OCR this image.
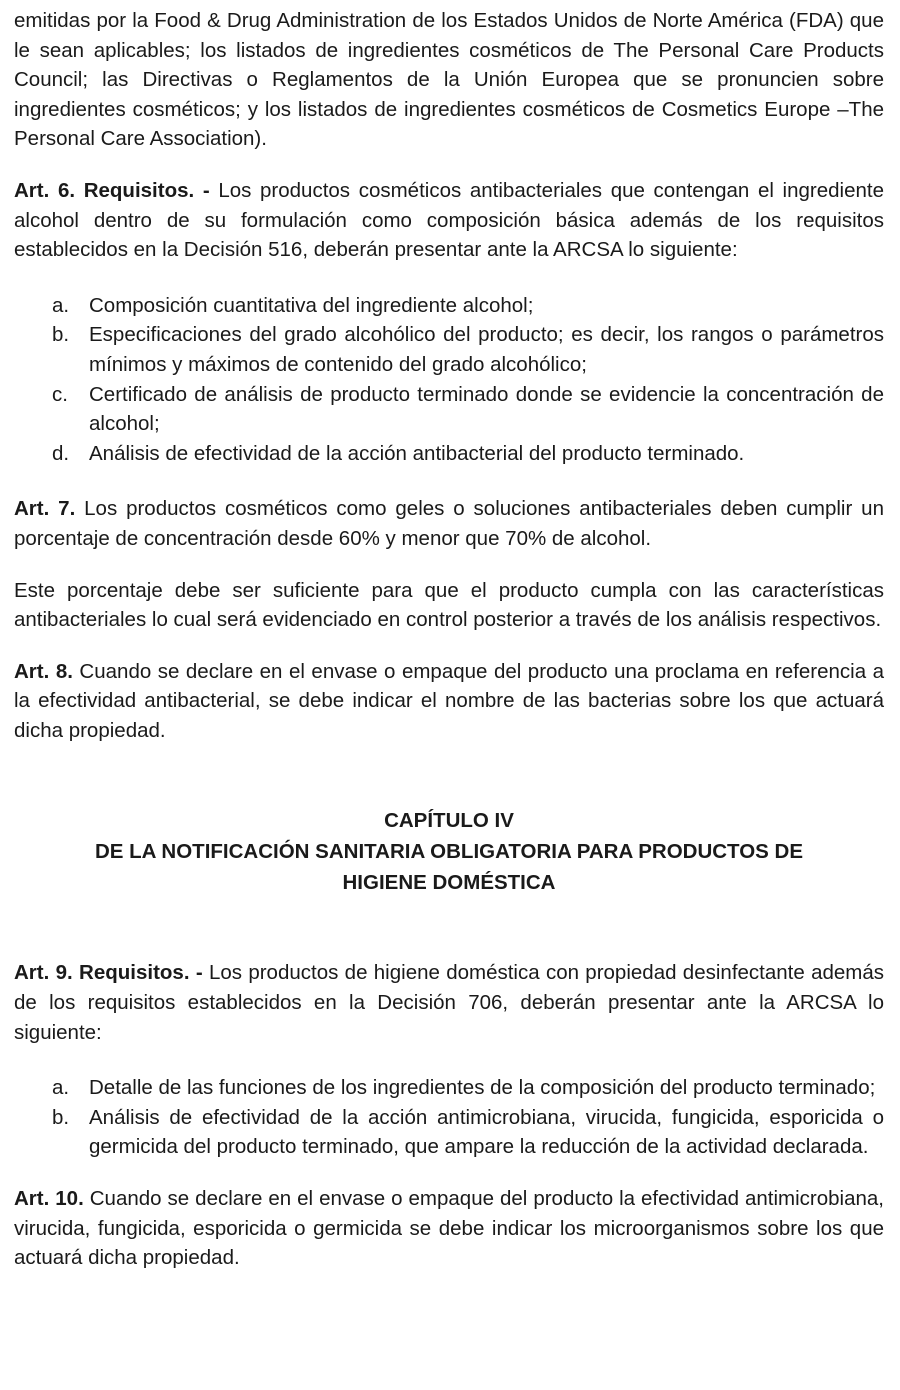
emitidas por la Food & Drug Administration de los Estados Unidos de Norte América (FDA) que le sean aplicables; los listados de ingredientes cosméticos de The Personal Care Products Council; las Directivas o Reglamentos de la Unión Europea que se pronuncien sobre ingredientes cosméticos; y los listados de ingredientes cosméticos de Cosmetics Europe –The Personal Care Association).

Art. 6. Requisitos. - Los productos cosméticos antibacteriales que contengan el ingrediente alcohol dentro de su formulación como composición básica además de los requisitos establecidos en la Decisión 516, deberán presentar ante la ARCSA lo siguiente:

a. Composición cuantitativa del ingrediente alcohol;
b. Especificaciones del grado alcohólico del producto; es decir, los rangos o parámetros mínimos y máximos de contenido del grado alcohólico;
c. Certificado de análisis de producto terminado donde se evidencie la concentración de alcohol;
d. Análisis de efectividad de la acción antibacterial del producto terminado.

Art. 7. Los productos cosméticos como geles o soluciones antibacteriales deben cumplir un porcentaje de concentración desde 60% y menor que 70% de alcohol.

Este porcentaje debe ser suficiente para que el producto cumpla con las características antibacteriales lo cual será evidenciado en control posterior a través de los análisis respectivos.

Art. 8. Cuando se declare en el envase o empaque del producto una proclama en referencia a la efectividad antibacterial, se debe indicar el nombre de las bacterias sobre los que actuará dicha propiedad.

CAPÍTULO IV
DE LA NOTIFICACIÓN SANITARIA OBLIGATORIA PARA PRODUCTOS DE
HIGIENE DOMÉSTICA

Art. 9. Requisitos. - Los productos de higiene doméstica con propiedad desinfectante además de los requisitos establecidos en la Decisión 706, deberán presentar ante la ARCSA lo siguiente:

a. Detalle de las funciones de los ingredientes de la composición del producto terminado;
b. Análisis de efectividad de la acción antimicrobiana, virucida, fungicida, esporicida o germicida del producto terminado, que ampare la reducción de la actividad declarada.

Art. 10. Cuando se declare en el envase o empaque del producto la efectividad antimicrobiana, virucida, fungicida, esporicida o germicida se debe indicar los microorganismos sobre los que actuará dicha propiedad.
